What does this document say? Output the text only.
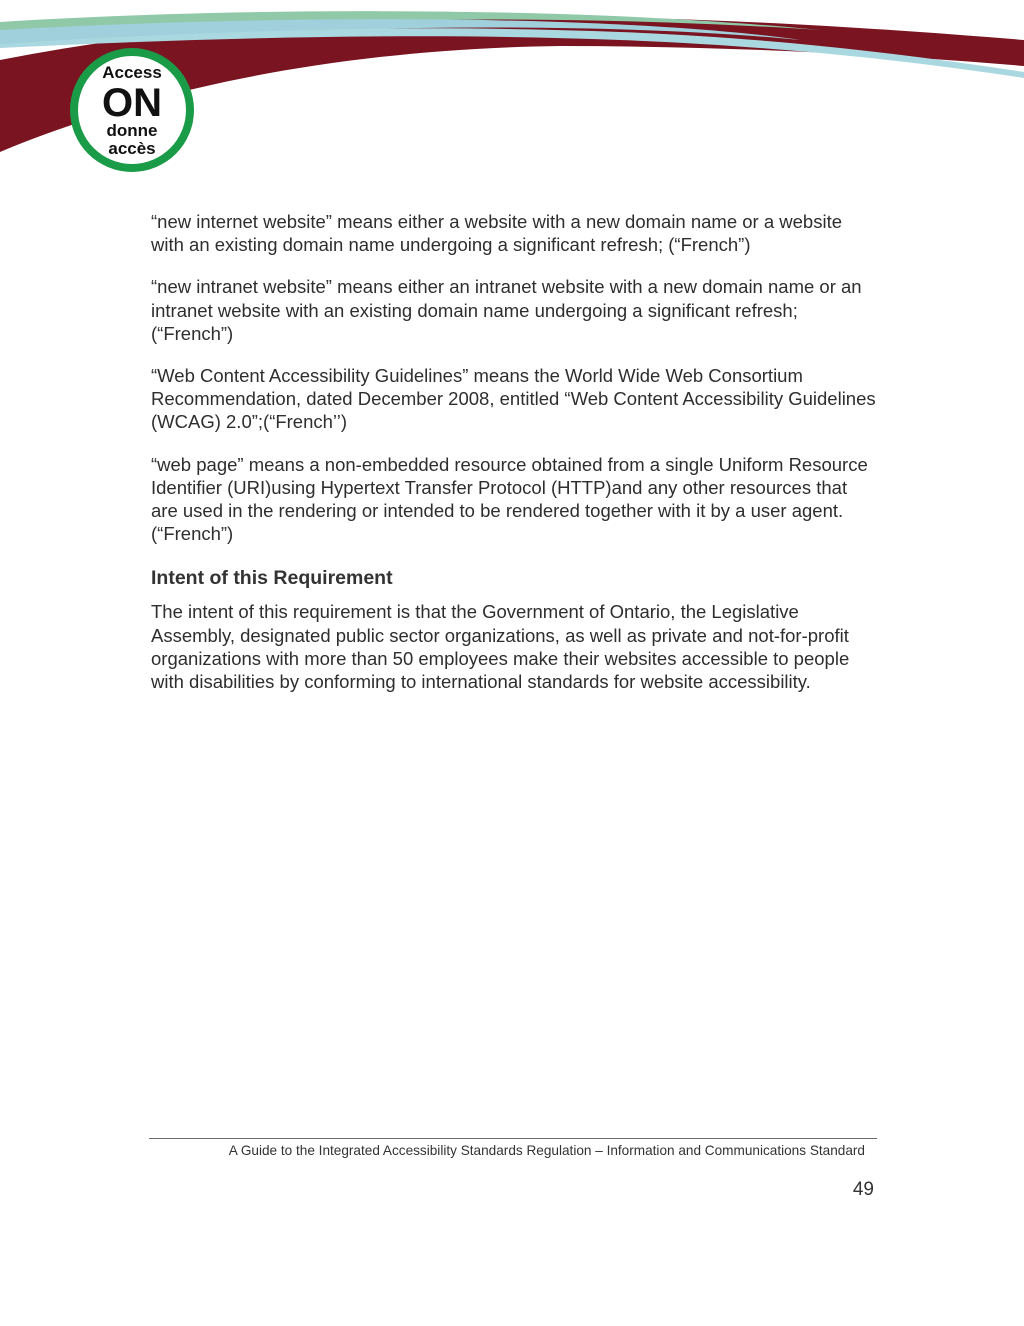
Access
ON
donne
accès

“new internet website” means either a website with a new domain name or a website with an existing domain name undergoing a significant refresh; (“French”)

“new intranet website” means either an intranet website with a new domain name or an intranet website with an existing domain name undergoing a significant refresh; (“French”)

“Web Content Accessibility Guidelines” means the World Wide Web Consortium Recommendation, dated December 2008, entitled “Web Content Accessibility Guidelines (WCAG) 2.0”;(“French’’)

“web page” means a non-embedded resource obtained from a single Uniform Resource Identifier (URI)using Hypertext Transfer Protocol (HTTP)and any other resources that are used in the rendering or intended to be rendered together with it by a user agent. (“French”)

Intent of this Requirement

The intent of this requirement is that the Government of Ontario, the Legislative Assembly, designated public sector organizations, as well as private and not-for-profit organizations with more than 50 employees make their websites accessible to people with disabilities by conforming to international standards for website accessibility.

A Guide to the Integrated Accessibility Standards Regulation – Information and Communications Standard
49
